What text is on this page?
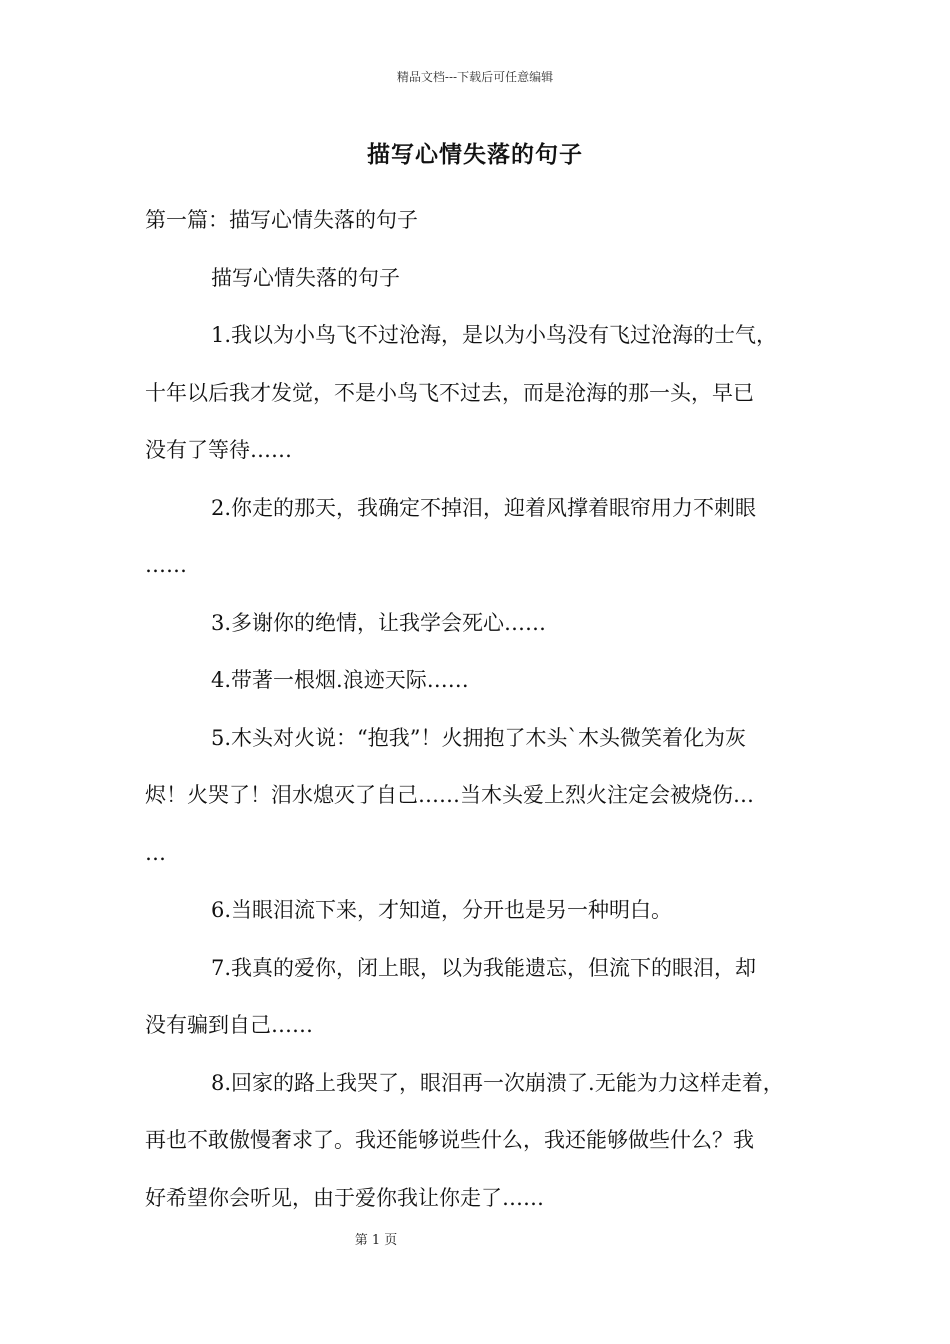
精品文档---下载后可任意编辑
描写心情失落的句子
第一篇：描写心情失落的句子
描写心情失落的句子
1.我以为小鸟飞不过沧海，是以为小鸟没有飞过沧海的士气，
十年以后我才发觉，不是小鸟飞不过去，而是沧海的那一头，早已
没有了等待……
2.你走的那天，我确定不掉泪，迎着风撑着眼帘用力不刺眼
……
3.多谢你的绝情，让我学会死心……
4.带著一根烟.浪迹天际……
5.木头对火说：“抱我”！火拥抱了木头`木头微笑着化为灰
烬！火哭了！泪水熄灭了自己……当木头爱上烈火注定会被烧伤…
…
6.当眼泪流下来，才知道，分开也是另一种明白。
7.我真的爱你，闭上眼，以为我能遗忘，但流下的眼泪，却
没有骗到自己……
8.回家的路上我哭了，眼泪再一次崩溃了.无能为力这样走着，
再也不敢傲慢奢求了。我还能够说些什么，我还能够做些什么？我
好希望你会听见，由于爱你我让你走了……
第 1 页
